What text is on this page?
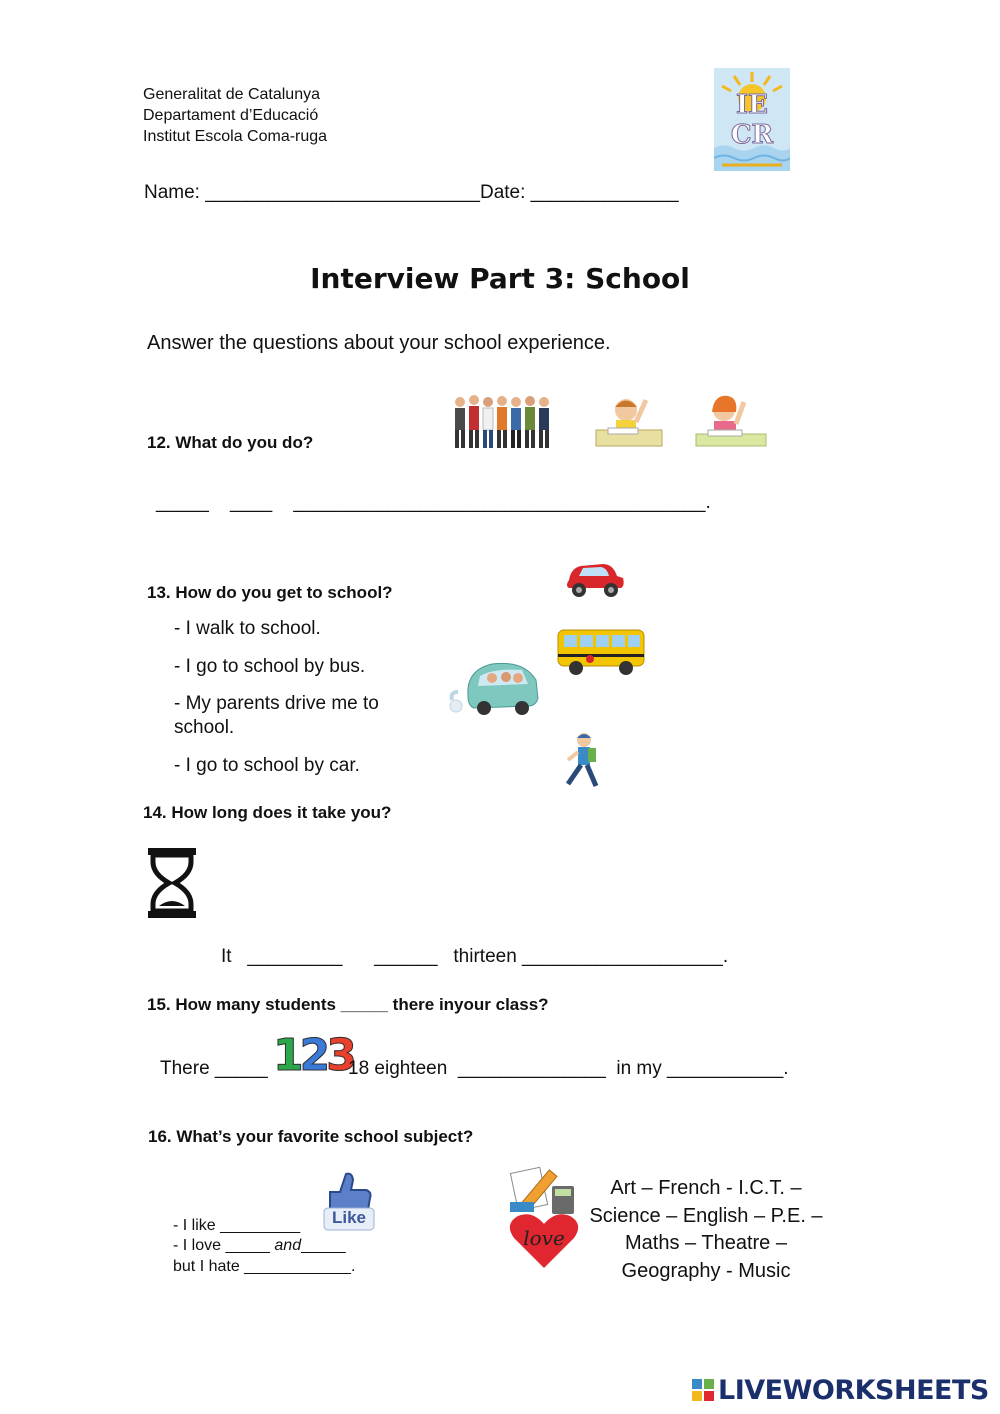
Generalitat de Catalunya
Departament d’Educació
Institut Escola Coma-ruga
IE
CR
Name: __________________________Date: ______________
Interview Part 3: School
Answer the questions about your school experience.
12. What do you do?
_____    ____    _______________________________________.
13. How do you get to school?
- I walk to school.
- I go to school by bus.
- My parents drive me to school.
- I go to school by car.
14. How long does it take you?
It   _________      ______   thirteen ___________________.
15. How many students _____ there inyour class?
There _____ 123
18 eighteen  ______________  in my ___________.
16. What’s your favorite school subject?
- I like _________
- I love _____ and_____
but I hate ____________.
Like
love
Art – French - I.C.T. –
Science – English – P.E. –
Maths – Theatre –
Geography - Music
LIVEWORKSHEETS
